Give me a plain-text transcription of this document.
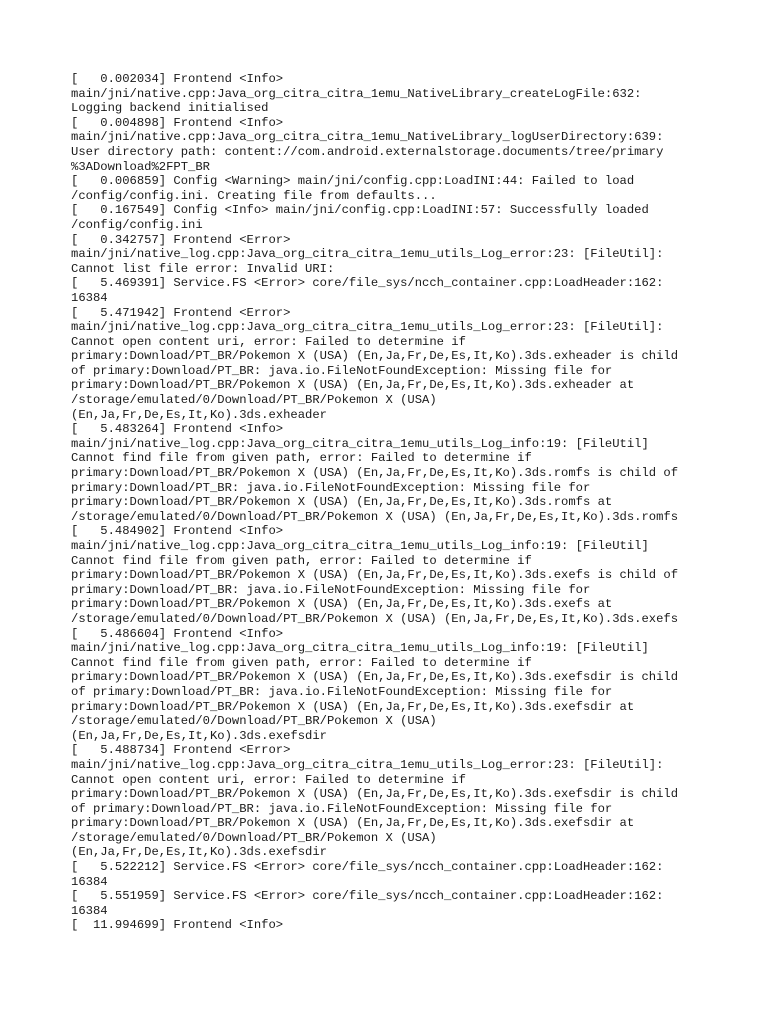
[   0.002034] Frontend <Info>
main/jni/native.cpp:Java_org_citra_citra_1emu_NativeLibrary_createLogFile:632:
Logging backend initialised
[   0.004898] Frontend <Info>
main/jni/native.cpp:Java_org_citra_citra_1emu_NativeLibrary_logUserDirectory:639:
User directory path: content://com.android.externalstorage.documents/tree/primary
%3ADownload%2FPT_BR
[   0.006859] Config <Warning> main/jni/config.cpp:LoadINI:44: Failed to load
/config/config.ini. Creating file from defaults...
[   0.167549] Config <Info> main/jni/config.cpp:LoadINI:57: Successfully loaded
/config/config.ini
[   0.342757] Frontend <Error>
main/jni/native_log.cpp:Java_org_citra_citra_1emu_utils_Log_error:23: [FileUtil]:
Cannot list file error: Invalid URI:
[   5.469391] Service.FS <Error> core/file_sys/ncch_container.cpp:LoadHeader:162:
16384
[   5.471942] Frontend <Error>
main/jni/native_log.cpp:Java_org_citra_citra_1emu_utils_Log_error:23: [FileUtil]:
Cannot open content uri, error: Failed to determine if
primary:Download/PT_BR/Pokemon X (USA) (En,Ja,Fr,De,Es,It,Ko).3ds.exheader is child
of primary:Download/PT_BR: java.io.FileNotFoundException: Missing file for
primary:Download/PT_BR/Pokemon X (USA) (En,Ja,Fr,De,Es,It,Ko).3ds.exheader at
/storage/emulated/0/Download/PT_BR/Pokemon X (USA)
(En,Ja,Fr,De,Es,It,Ko).3ds.exheader
[   5.483264] Frontend <Info>
main/jni/native_log.cpp:Java_org_citra_citra_1emu_utils_Log_info:19: [FileUtil]
Cannot find file from given path, error: Failed to determine if
primary:Download/PT_BR/Pokemon X (USA) (En,Ja,Fr,De,Es,It,Ko).3ds.romfs is child of
primary:Download/PT_BR: java.io.FileNotFoundException: Missing file for
primary:Download/PT_BR/Pokemon X (USA) (En,Ja,Fr,De,Es,It,Ko).3ds.romfs at
/storage/emulated/0/Download/PT_BR/Pokemon X (USA) (En,Ja,Fr,De,Es,It,Ko).3ds.romfs
[   5.484902] Frontend <Info>
main/jni/native_log.cpp:Java_org_citra_citra_1emu_utils_Log_info:19: [FileUtil]
Cannot find file from given path, error: Failed to determine if
primary:Download/PT_BR/Pokemon X (USA) (En,Ja,Fr,De,Es,It,Ko).3ds.exefs is child of
primary:Download/PT_BR: java.io.FileNotFoundException: Missing file for
primary:Download/PT_BR/Pokemon X (USA) (En,Ja,Fr,De,Es,It,Ko).3ds.exefs at
/storage/emulated/0/Download/PT_BR/Pokemon X (USA) (En,Ja,Fr,De,Es,It,Ko).3ds.exefs
[   5.486604] Frontend <Info>
main/jni/native_log.cpp:Java_org_citra_citra_1emu_utils_Log_info:19: [FileUtil]
Cannot find file from given path, error: Failed to determine if
primary:Download/PT_BR/Pokemon X (USA) (En,Ja,Fr,De,Es,It,Ko).3ds.exefsdir is child
of primary:Download/PT_BR: java.io.FileNotFoundException: Missing file for
primary:Download/PT_BR/Pokemon X (USA) (En,Ja,Fr,De,Es,It,Ko).3ds.exefsdir at
/storage/emulated/0/Download/PT_BR/Pokemon X (USA)
(En,Ja,Fr,De,Es,It,Ko).3ds.exefsdir
[   5.488734] Frontend <Error>
main/jni/native_log.cpp:Java_org_citra_citra_1emu_utils_Log_error:23: [FileUtil]:
Cannot open content uri, error: Failed to determine if
primary:Download/PT_BR/Pokemon X (USA) (En,Ja,Fr,De,Es,It,Ko).3ds.exefsdir is child
of primary:Download/PT_BR: java.io.FileNotFoundException: Missing file for
primary:Download/PT_BR/Pokemon X (USA) (En,Ja,Fr,De,Es,It,Ko).3ds.exefsdir at
/storage/emulated/0/Download/PT_BR/Pokemon X (USA)
(En,Ja,Fr,De,Es,It,Ko).3ds.exefsdir
[   5.522212] Service.FS <Error> core/file_sys/ncch_container.cpp:LoadHeader:162:
16384
[   5.551959] Service.FS <Error> core/file_sys/ncch_container.cpp:LoadHeader:162:
16384
[  11.994699] Frontend <Info>
